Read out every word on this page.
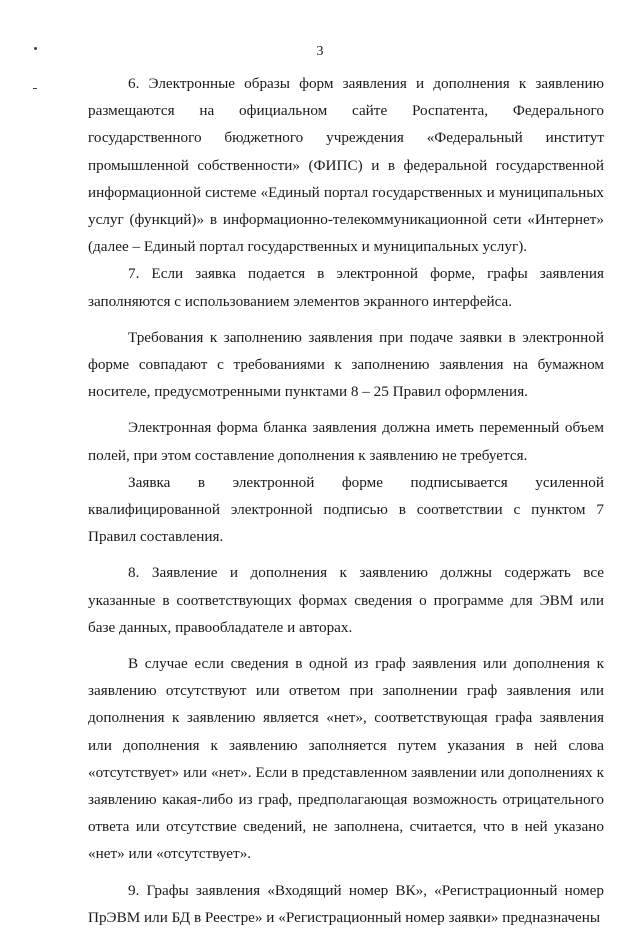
3

6. Электронные образы форм заявления и дополнения к заявлению размещаются на официальном сайте Роспатента, Федерального государственного бюджетного учреждения «Федеральный институт промышленной собственности» (ФИПС) и в федеральной государственной информационной системе «Единый портал государственных и муниципальных услуг (функций)» в информационно-телекоммуникационной сети «Интернет» (далее – Единый портал государственных и муниципальных услуг).

7. Если заявка подается в электронной форме, графы заявления заполняются с использованием элементов экранного интерфейса.

Требования к заполнению заявления при подаче заявки в электронной форме совпадают с требованиями к заполнению заявления на бумажном носителе, предусмотренными пунктами 8 – 25 Правил оформления.

Электронная форма бланка заявления должна иметь переменный объем полей, при этом составление дополнения к заявлению не требуется.

Заявка в электронной форме подписывается усиленной квалифицированной электронной подписью в соответствии с пунктом 7 Правил составления.

8. Заявление и дополнения к заявлению должны содержать все указанные в соответствующих формах сведения о программе для ЭВМ или базе данных, правообладателе и авторах.

В случае если сведения в одной из граф заявления или дополнения к заявлению отсутствуют или ответом при заполнении граф заявления или дополнения к заявлению является «нет», соответствующая графа заявления или дополнения к заявлению заполняется путем указания в ней слова «отсутствует» или «нет». Если в представленном заявлении или дополнениях к заявлению какая-либо из граф, предполагающая возможность отрицательного ответа или отсутствие сведений, не заполнена, считается, что в ней указано «нет» или «отсутствует».

9. Графы заявления «Входящий номер ВК», «Регистрационный номер ПрЭВМ или БД в Реестре» и «Регистрационный номер заявки» предназначены
